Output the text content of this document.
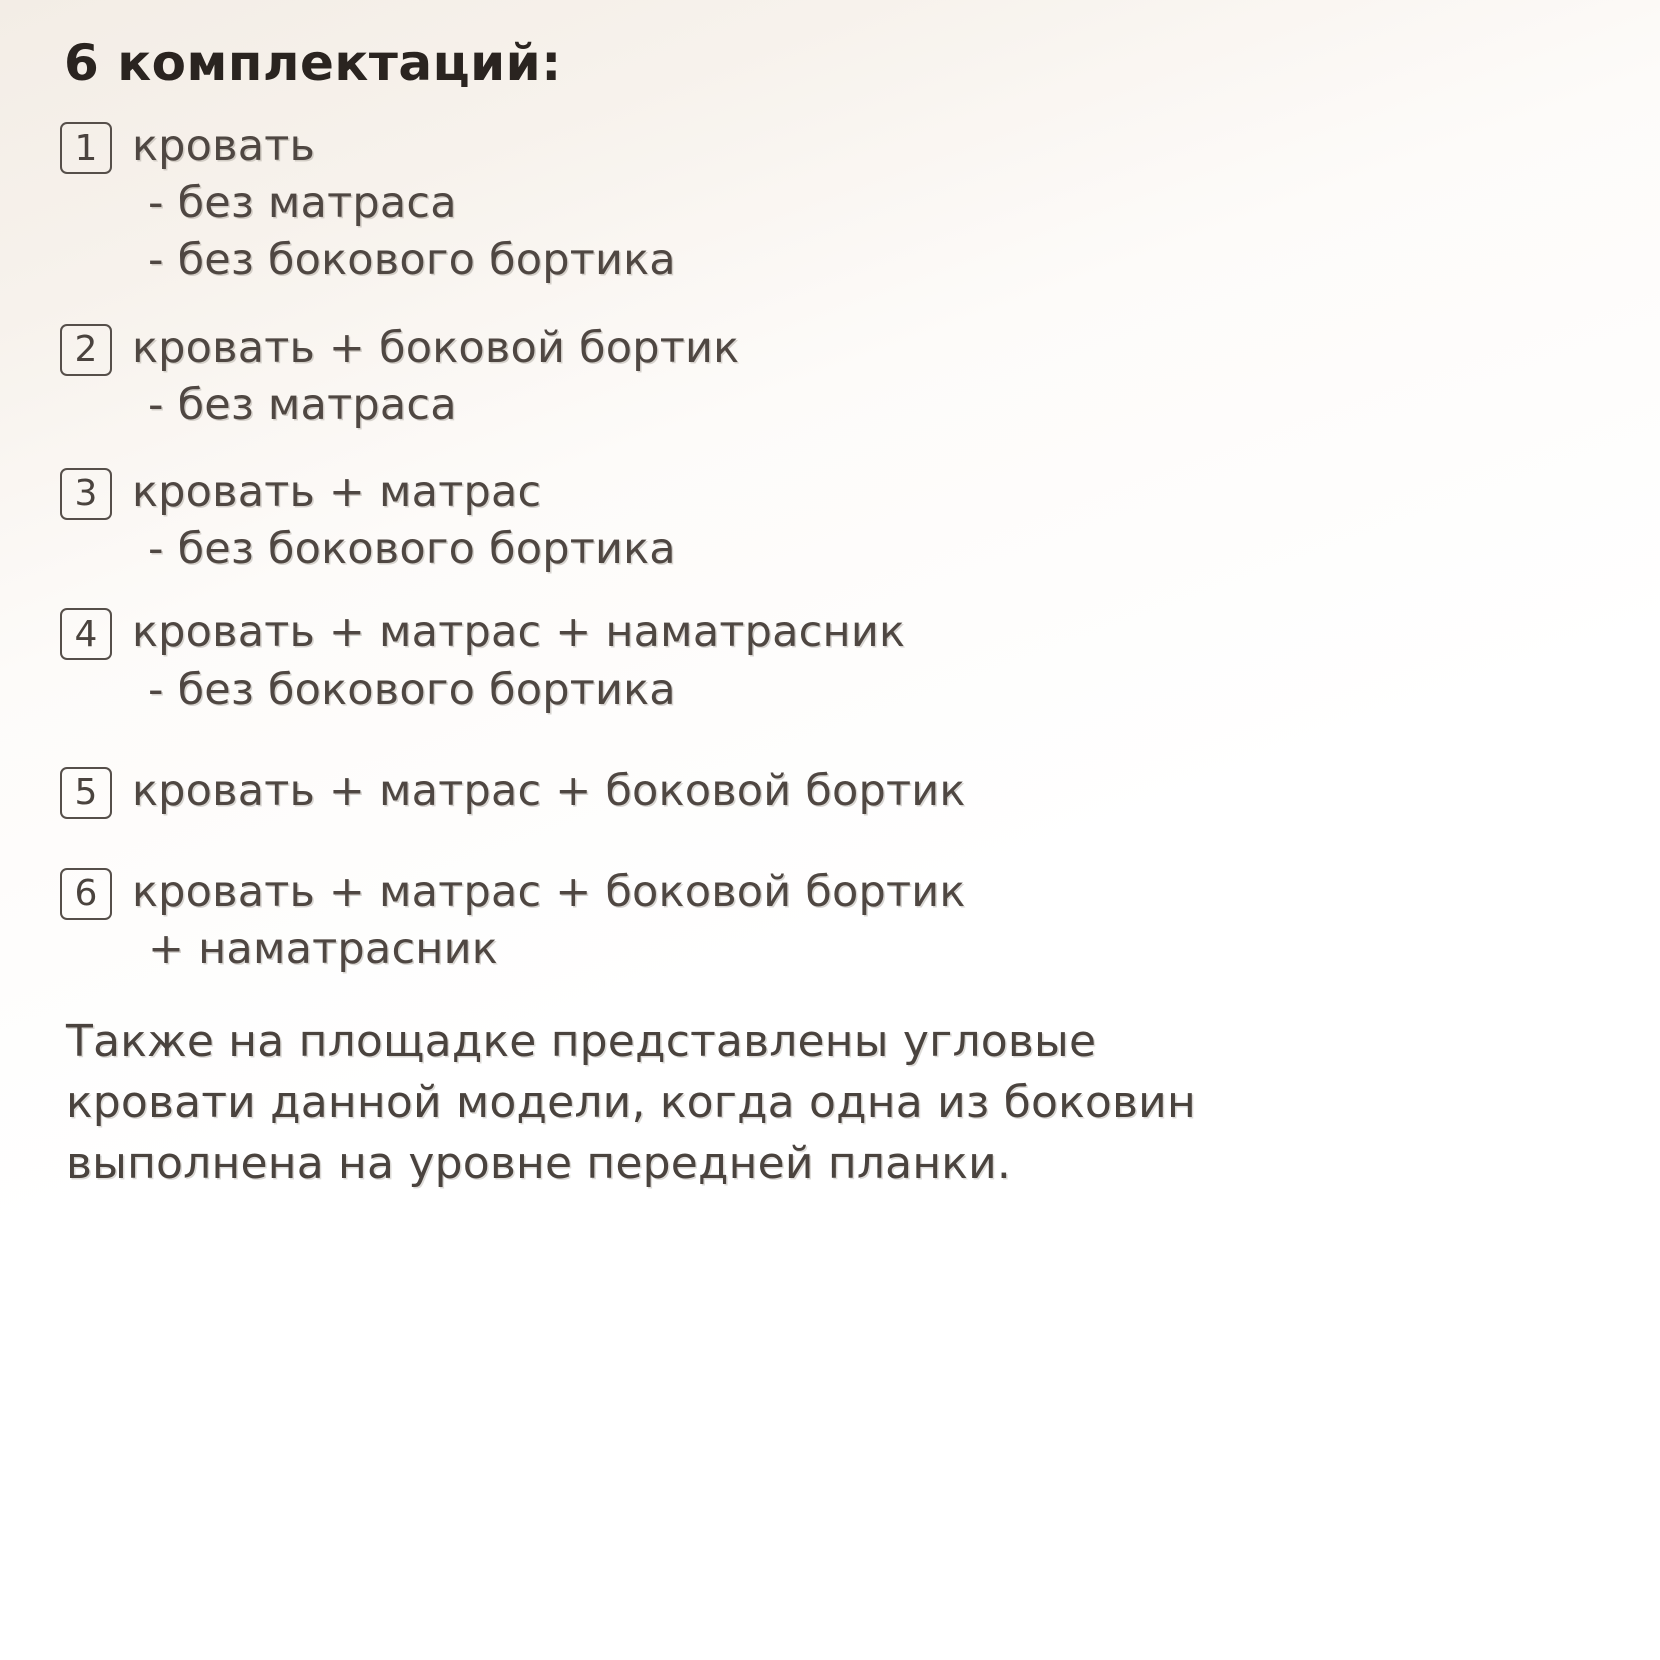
6 комплектаций:
1 кровать
- без матраса
- без бокового бортика
2 кровать + боковой бортик
- без матраса
3 кровать + матрас
- без бокового бортика
4 кровать + матрас + наматрасник
- без бокового бортика
5 кровать + матрас + боковой бортик
6 кровать + матрас + боковой бортик
+ наматрасник
Также на площадке представлены угловые
кровати данной модели, когда одна из боковин
выполнена на уровне передней планки.
